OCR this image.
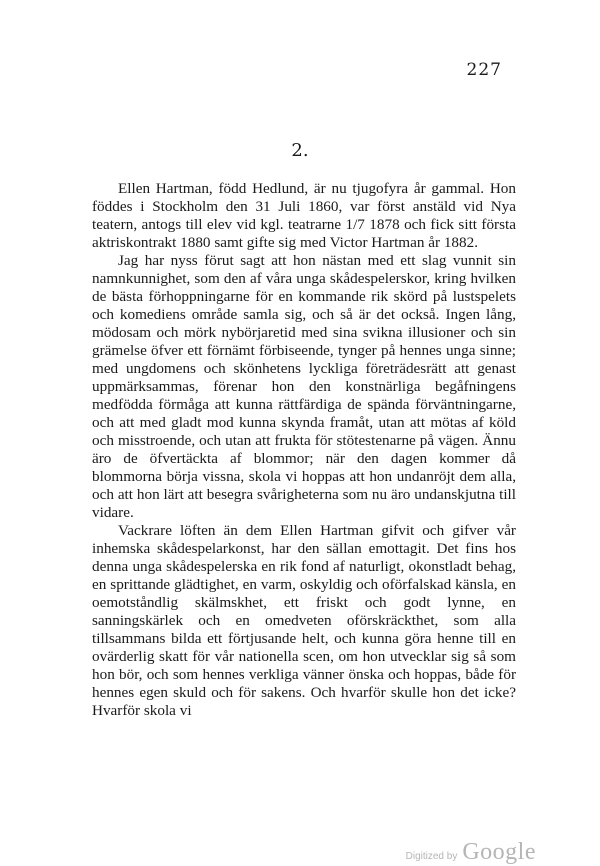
227
2.

Ellen Hartman, född Hedlund, är nu tjugofyra år gammal. Hon föddes i Stockholm den 31 Juli 1860, var först anstäld vid Nya teatern, antogs till elev vid kgl. teatrarne 1/7 1878 och fick sitt första aktriskontrakt 1880 samt gifte sig med Victor Hartman år 1882.

Jag har nyss förut sagt att hon nästan med ett slag vunnit sin namnkunnighet, som den af våra unga skådespelerskor, kring hvilken de bästa förhoppningarne för en kommande rik skörd på lustspelets och komediens område samla sig, och så är det också. Ingen lång, mödosam och mörk nybörjaretid med sina svikna illusioner och sin grämelse öfver ett förnämt förbiseende, tynger på hennes unga sinne; med ungdomens och skönhetens lyckliga företrädesrätt att genast uppmärksammas, förenar hon den konstnärliga begåfningens medfödda förmåga att kunna rättfärdiga de spända förväntningarne, och att med gladt mod kunna skynda framåt, utan att mötas af köld och misstroende, och utan att frukta för stötestenarne på vägen. Ännu äro de öfvertäckta af blommor; när den dagen kommer då blommorna börja vissna, skola vi hoppas att hon undanröjt dem alla, och att hon lärt att besegra svårigheterna som nu äro undanskjutna till vidare.

Vackrare löften än dem Ellen Hartman gifvit och gifver vår inhemska skådespelarkonst, har den sällan emottagit. Det fins hos denna unga skådespelerska en rik fond af naturligt, okonstladt behag, en sprittande glädtighet, en varm, oskyldig och oförfalskad känsla, en oemotståndlig skälmskhet, ett friskt och godt lynne, en sanningskärlek och en omedveten oförskräckthet, som alla tillsammans bilda ett förtjusande helt, och kunna göra henne till en ovärderlig skatt för vår nationella scen, om hon utvecklar sig så som hon bör, och som hennes verkliga vänner önska och hoppas, både för hennes egen skuld och för sakens. Och hvarför skulle hon det icke? Hvarför skola vi

Digitized by Google
